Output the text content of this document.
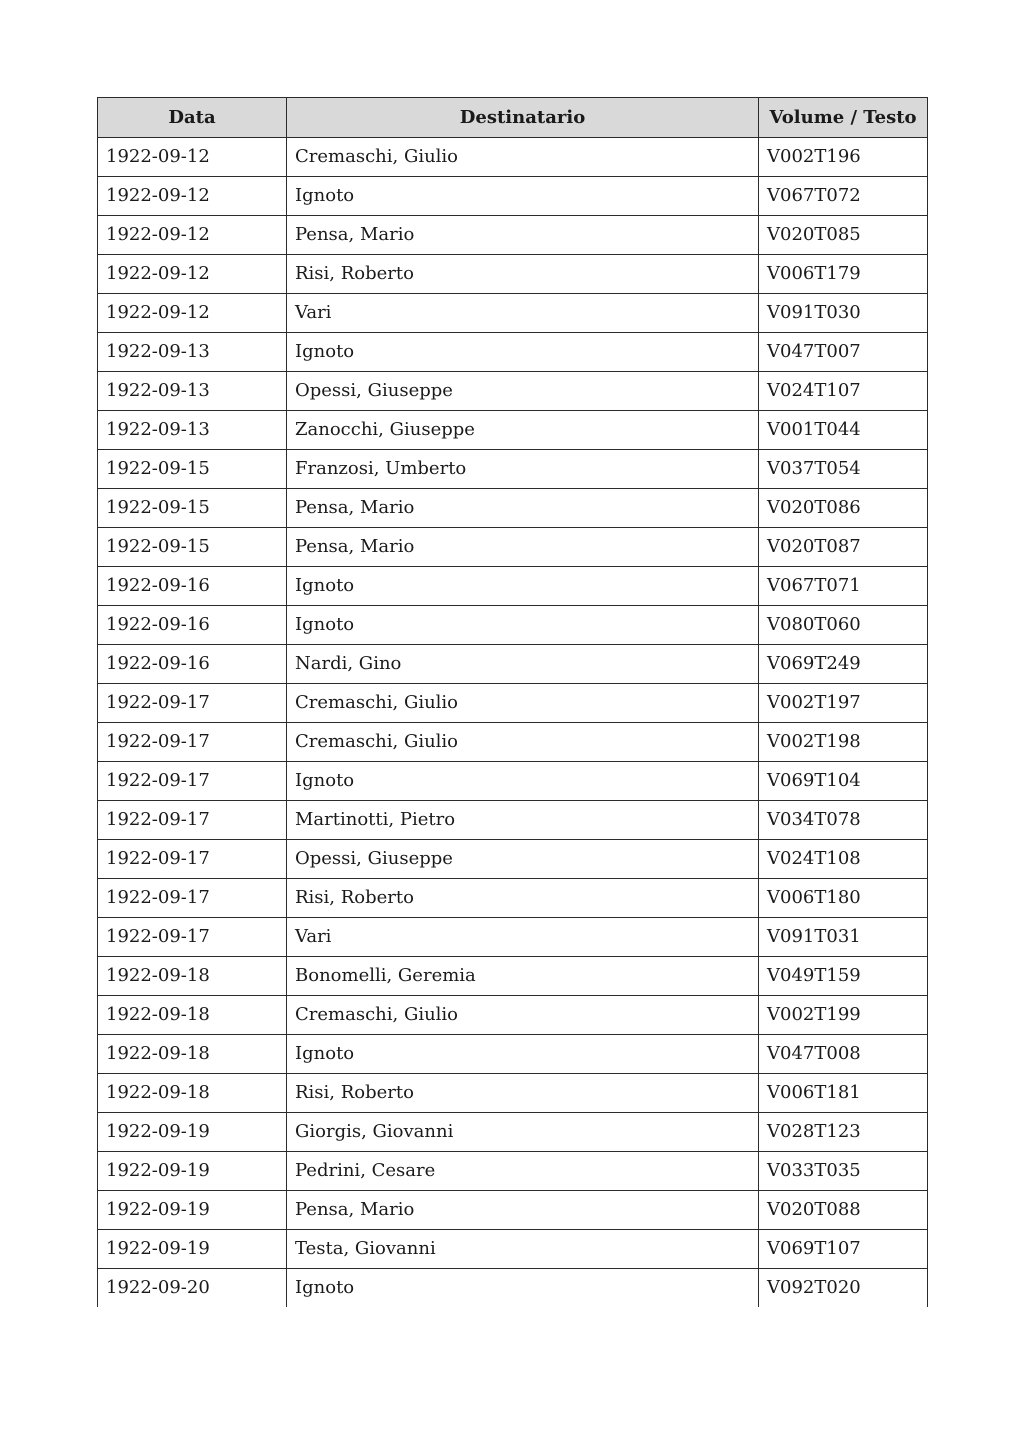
Data	Destinatario	Volume / Testo
1922-09-12	Cremaschi, Giulio	V002T196
1922-09-12	Ignoto	V067T072
1922-09-12	Pensa, Mario	V020T085
1922-09-12	Risi, Roberto	V006T179
1922-09-12	Vari	V091T030
1922-09-13	Ignoto	V047T007
1922-09-13	Opessi, Giuseppe	V024T107
1922-09-13	Zanocchi, Giuseppe	V001T044
1922-09-15	Franzosi, Umberto	V037T054
1922-09-15	Pensa, Mario	V020T086
1922-09-15	Pensa, Mario	V020T087
1922-09-16	Ignoto	V067T071
1922-09-16	Ignoto	V080T060
1922-09-16	Nardi, Gino	V069T249
1922-09-17	Cremaschi, Giulio	V002T197
1922-09-17	Cremaschi, Giulio	V002T198
1922-09-17	Ignoto	V069T104
1922-09-17	Martinotti, Pietro	V034T078
1922-09-17	Opessi, Giuseppe	V024T108
1922-09-17	Risi, Roberto	V006T180
1922-09-17	Vari	V091T031
1922-09-18	Bonomelli, Geremia	V049T159
1922-09-18	Cremaschi, Giulio	V002T199
1922-09-18	Ignoto	V047T008
1922-09-18	Risi, Roberto	V006T181
1922-09-19	Giorgis, Giovanni	V028T123
1922-09-19	Pedrini, Cesare	V033T035
1922-09-19	Pensa, Mario	V020T088
1922-09-19	Testa, Giovanni	V069T107
1922-09-20	Ignoto	V092T020
